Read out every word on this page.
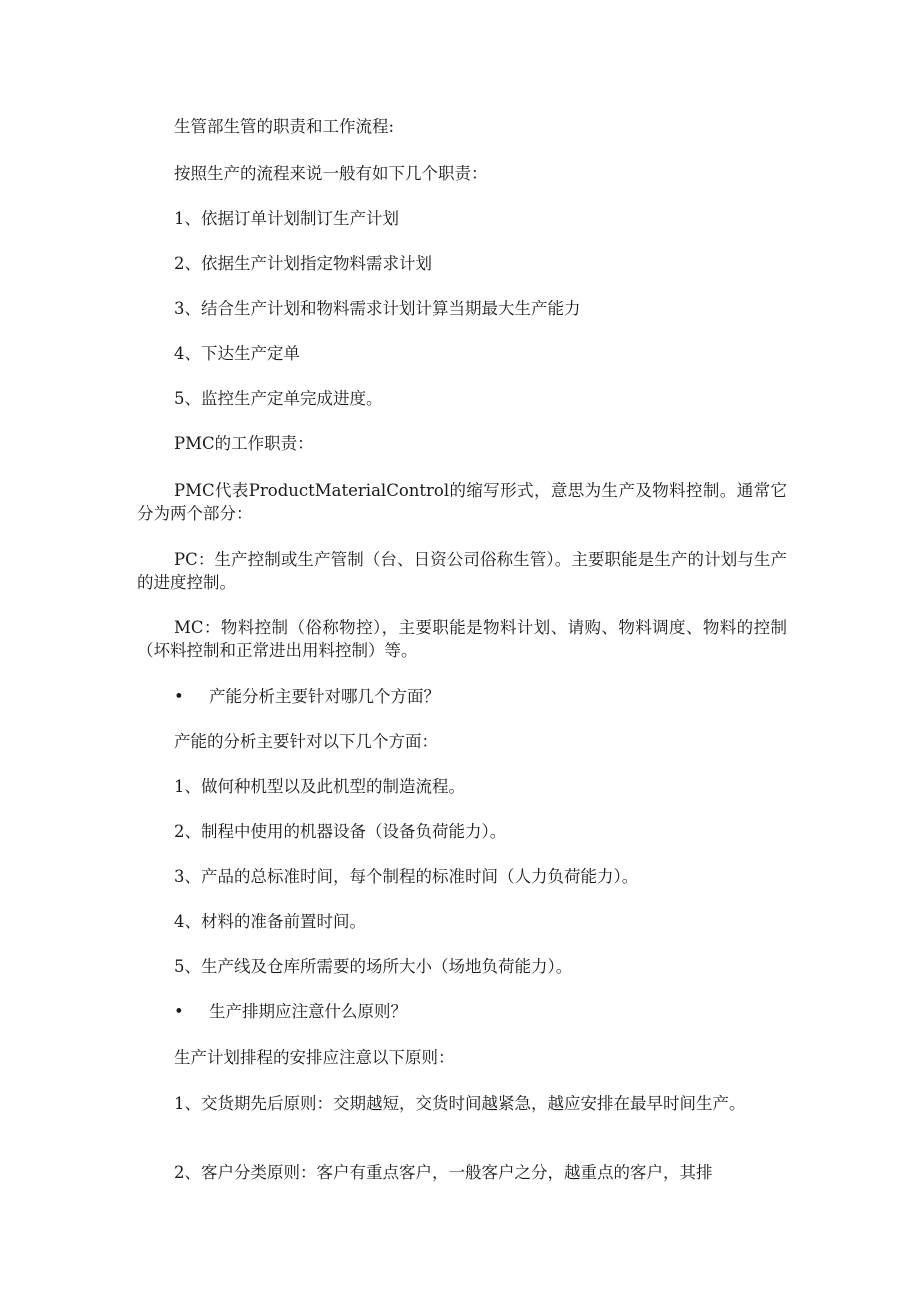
生管部生管的职责和工作流程:

按照生产的流程来说一般有如下几个职责：

1、依据订单计划制订生产计划

2、依据生产计划指定物料需求计划

3、结合生产计划和物料需求计划计算当期最大生产能力

4、下达生产定单

5、监控生产定单完成进度。

PMC的工作职责：

PMC代表ProductMaterialControl的缩写形式，意思为生产及物料控制。通常它分为两个部分：

PC：生产控制或生产管制（台、日资公司俗称生管）。主要职能是生产的计划与生产的进度控制。

MC：物料控制（俗称物控），主要职能是物料计划、请购、物料调度、物料的控制（坏料控制和正常进出用料控制）等。

• 产能分析主要针对哪几个方面？

产能的分析主要针对以下几个方面：

1、做何种机型以及此机型的制造流程。

2、制程中使用的机器设备（设备负荷能力）。

3、产品的总标准时间，每个制程的标准时间（人力负荷能力）。

4、材料的准备前置时间。

5、生产线及仓库所需要的场所大小（场地负荷能力）。

• 生产排期应注意什么原则？

生产计划排程的安排应注意以下原则：

1、交货期先后原则：交期越短，交货时间越紧急，越应安排在最早时间生产。

2、客户分类原则：客户有重点客户，一般客户之分，越重点的客户，其排
